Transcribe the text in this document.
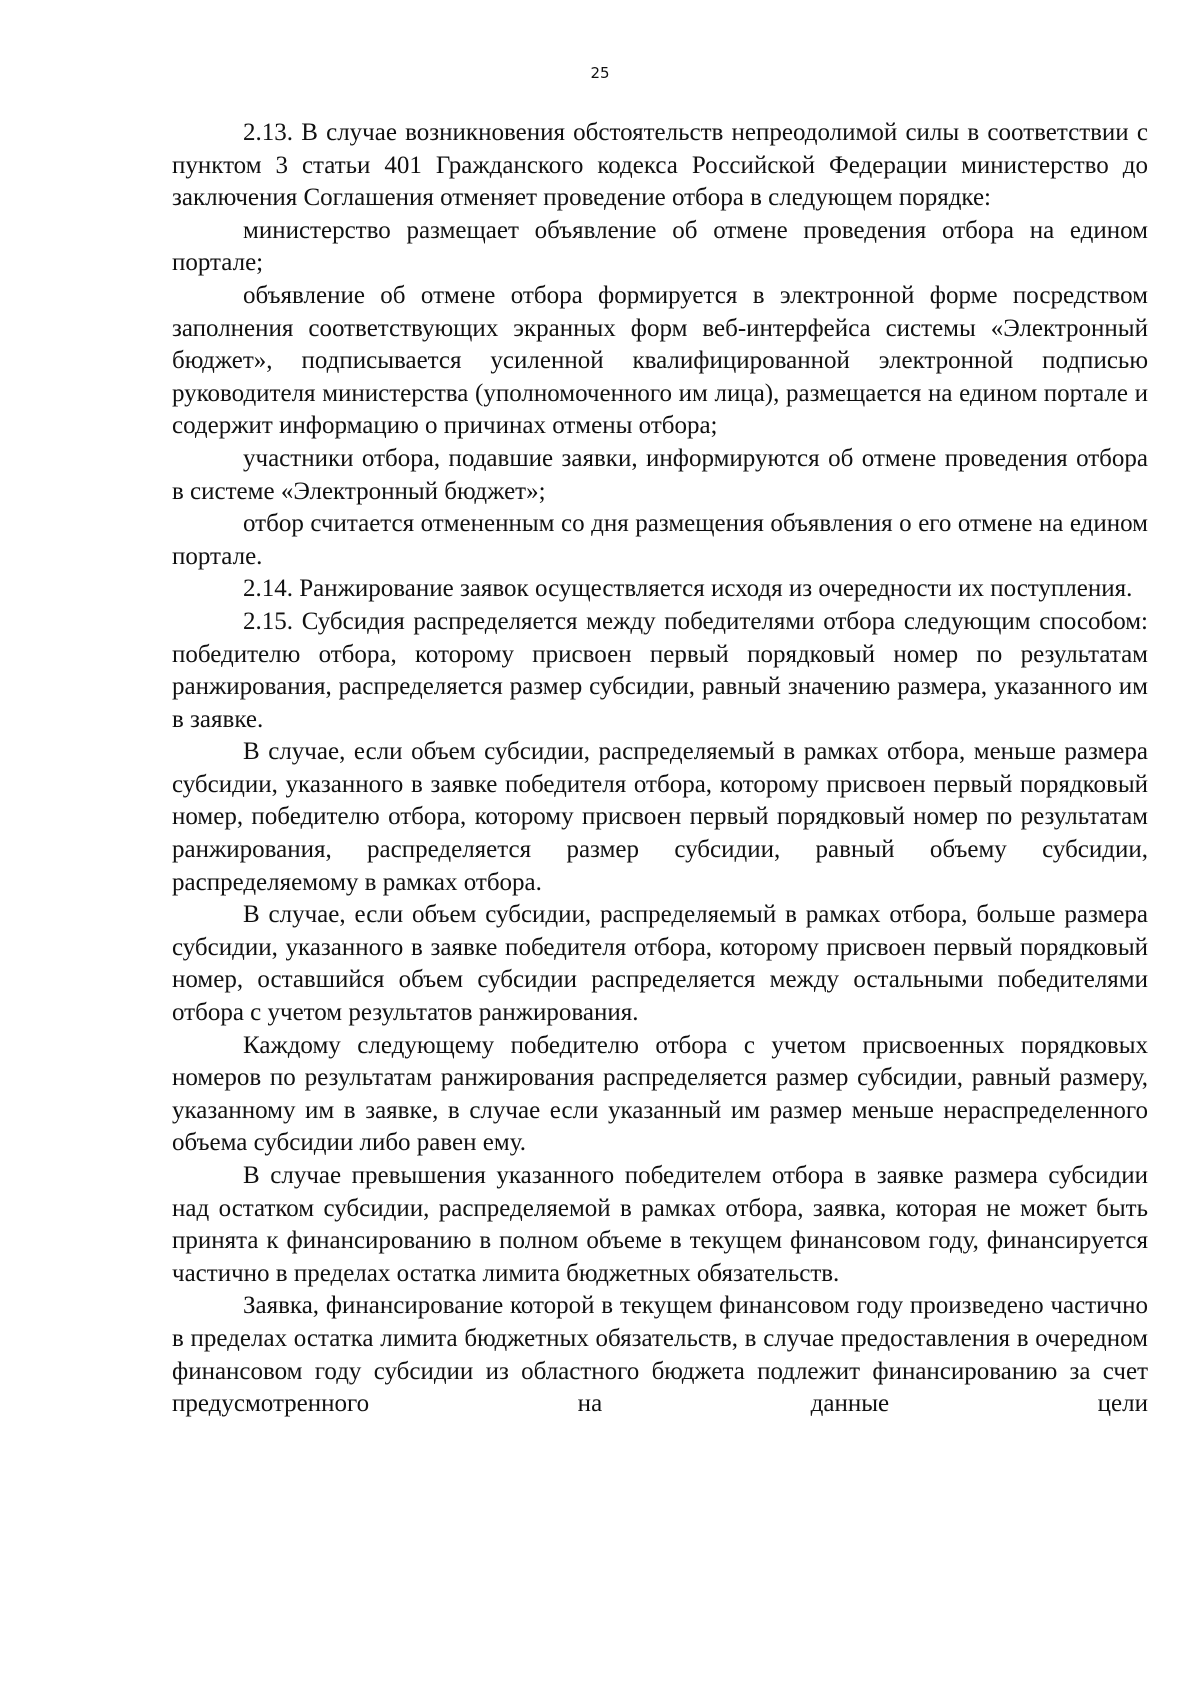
25

2.13. В случае возникновения обстоятельств непреодолимой силы в соответствии с пунктом 3 статьи 401 Гражданского кодекса Российской Федерации министерство до заключения Соглашения отменяет проведение отбора в следующем порядке:

министерство размещает объявление об отмене проведения отбора на едином портале;

объявление об отмене отбора формируется в электронной форме посредством заполнения соответствующих экранных форм веб-интерфейса системы «Электронный бюджет», подписывается усиленной квалифицированной электронной подписью руководителя министерства (уполномоченного им лица), размещается на едином портале и содержит информацию о причинах отмены отбора;

участники отбора, подавшие заявки, информируются об отмене проведения отбора в системе «Электронный бюджет»;

отбор считается отмененным со дня размещения объявления о его отмене на едином портале.

2.14. Ранжирование заявок осуществляется исходя из очередности их поступления.

2.15. Субсидия распределяется между победителями отбора следующим способом: победителю отбора, которому присвоен первый порядковый номер по результатам ранжирования, распределяется размер субсидии, равный значению размера, указанного им в заявке.

В случае, если объем субсидии, распределяемый в рамках отбора, меньше размера субсидии, указанного в заявке победителя отбора, которому присвоен первый порядковый номер, победителю отбора, которому присвоен первый порядковый номер по результатам ранжирования, распределяется размер субсидии, равный объему субсидии, распределяемому в рамках отбора.

В случае, если объем субсидии, распределяемый в рамках отбора, больше размера субсидии, указанного в заявке победителя отбора, которому присвоен первый порядковый номер, оставшийся объем субсидии распределяется между остальными победителями отбора с учетом результатов ранжирования.

Каждому следующему победителю отбора с учетом присвоенных порядковых номеров по результатам ранжирования распределяется размер субсидии, равный размеру, указанному им в заявке, в случае если указанный им размер меньше нераспределенного объема субсидии либо равен ему.

В случае превышения указанного победителем отбора в заявке размера субсидии над остатком субсидии, распределяемой в рамках отбора, заявка, которая не может быть принята к финансированию в полном объеме в текущем финансовом году, финансируется частично в пределах остатка лимита бюджетных обязательств.

Заявка, финансирование которой в текущем финансовом году произведено частично в пределах остатка лимита бюджетных обязательств, в случае предоставления в очередном финансовом году субсидии из областного бюджета подлежит финансированию за счет предусмотренного на данные цели
